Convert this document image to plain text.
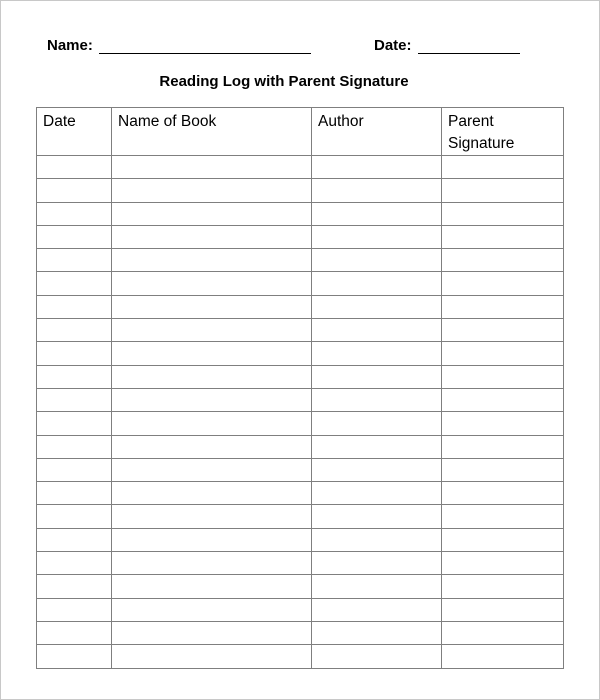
Name:	Date:
Reading Log with Parent Signature
Date	Name of Book	Author	Parent Signature
